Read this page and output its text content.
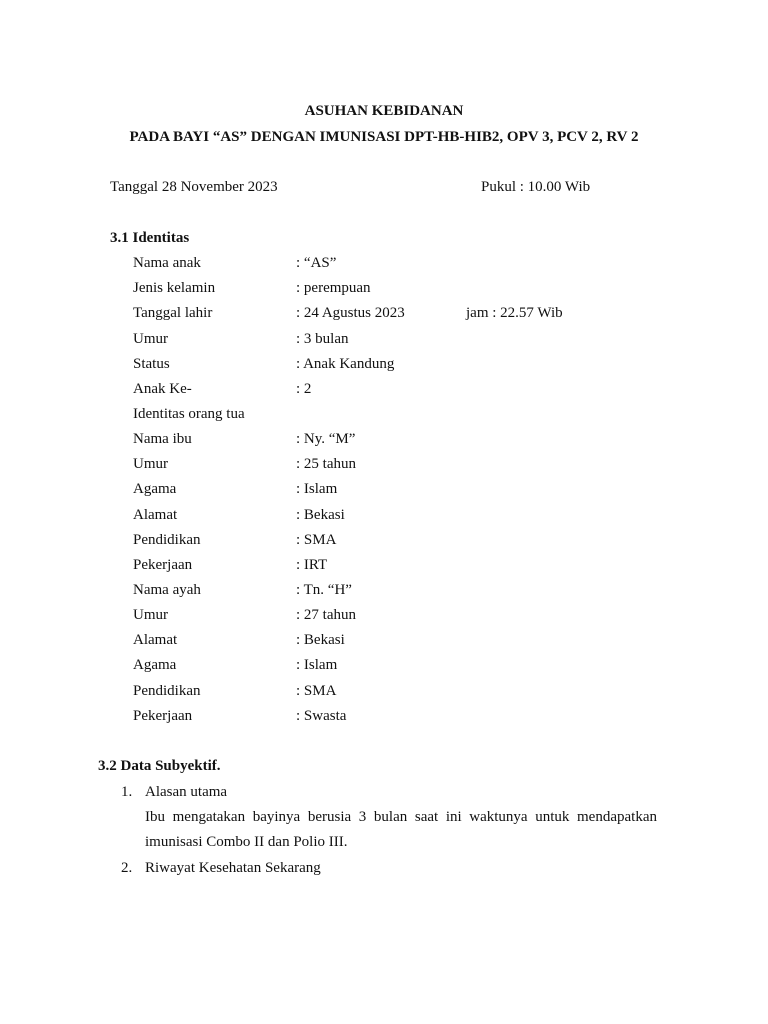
ASUHAN KEBIDANAN
PADA BAYI “AS” DENGAN IMUNISASI DPT-HB-HIB2, OPV 3, PCV 2, RV 2
Tanggal 28 November 2023	Pukul : 10.00 Wib
3.1 Identitas
Nama anak	: “AS”
Jenis kelamin	: perempuan
Tanggal lahir	: 24 Agustus 2023	jam : 22.57 Wib
Umur	: 3 bulan
Status	: Anak Kandung
Anak Ke-	: 2
Identitas orang tua
Nama ibu	: Ny. “M”
Umur	: 25 tahun
Agama	: Islam
Alamat	: Bekasi
Pendidikan	: SMA
Pekerjaan	: IRT
Nama ayah	: Tn. “H”
Umur	: 27 tahun
Alamat	: Bekasi
Agama	: Islam
Pendidikan	: SMA
Pekerjaan	: Swasta
3.2 Data Subyektif.
1. Alasan utama
Ibu mengatakan bayinya berusia 3 bulan saat ini waktunya untuk mendapatkan
imunisasi Combo II dan Polio III.
2. Riwayat Kesehatan Sekarang
